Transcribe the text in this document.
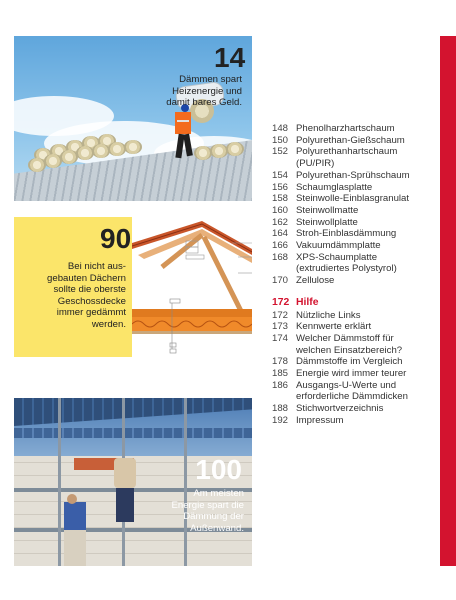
14
Dämmen spart
Heizenergie und
damit bares Geld.
90
Bei nicht aus-
gebauten Dächern
sollte die oberste
Geschossdecke
immer gedämmt
werden.
100
Am meisten
Energie spart die
Dämmung der
Außenwand.
148 Phenolharzhartschaum
150 Polyurethan-Gießschaum
152 Polyurethanhartschaum
(PU/PIR)
154 Polyurethan-Sprühschaum
156 Schaumglasplatte
158 Steinwolle-Einblasgranulat
160 Steinwollmatte
162 Steinwollplatte
164 Stroh-Einblasdämmung
166 Vakuumdämmplatte
168 XPS-Schaumplatte
(extrudiertes Polystyrol)
170 Zellulose
172 Hilfe
172 Nützliche Links
173 Kennwerte erklärt
174 Welcher Dämmstoff für
welchen Einsatzbereich?
178 Dämmstoffe im Vergleich
185 Energie wird immer teurer
186 Ausgangs-U-Werte und
erforderliche Dämmdicken
188 Stichwortverzeichnis
192 Impressum
